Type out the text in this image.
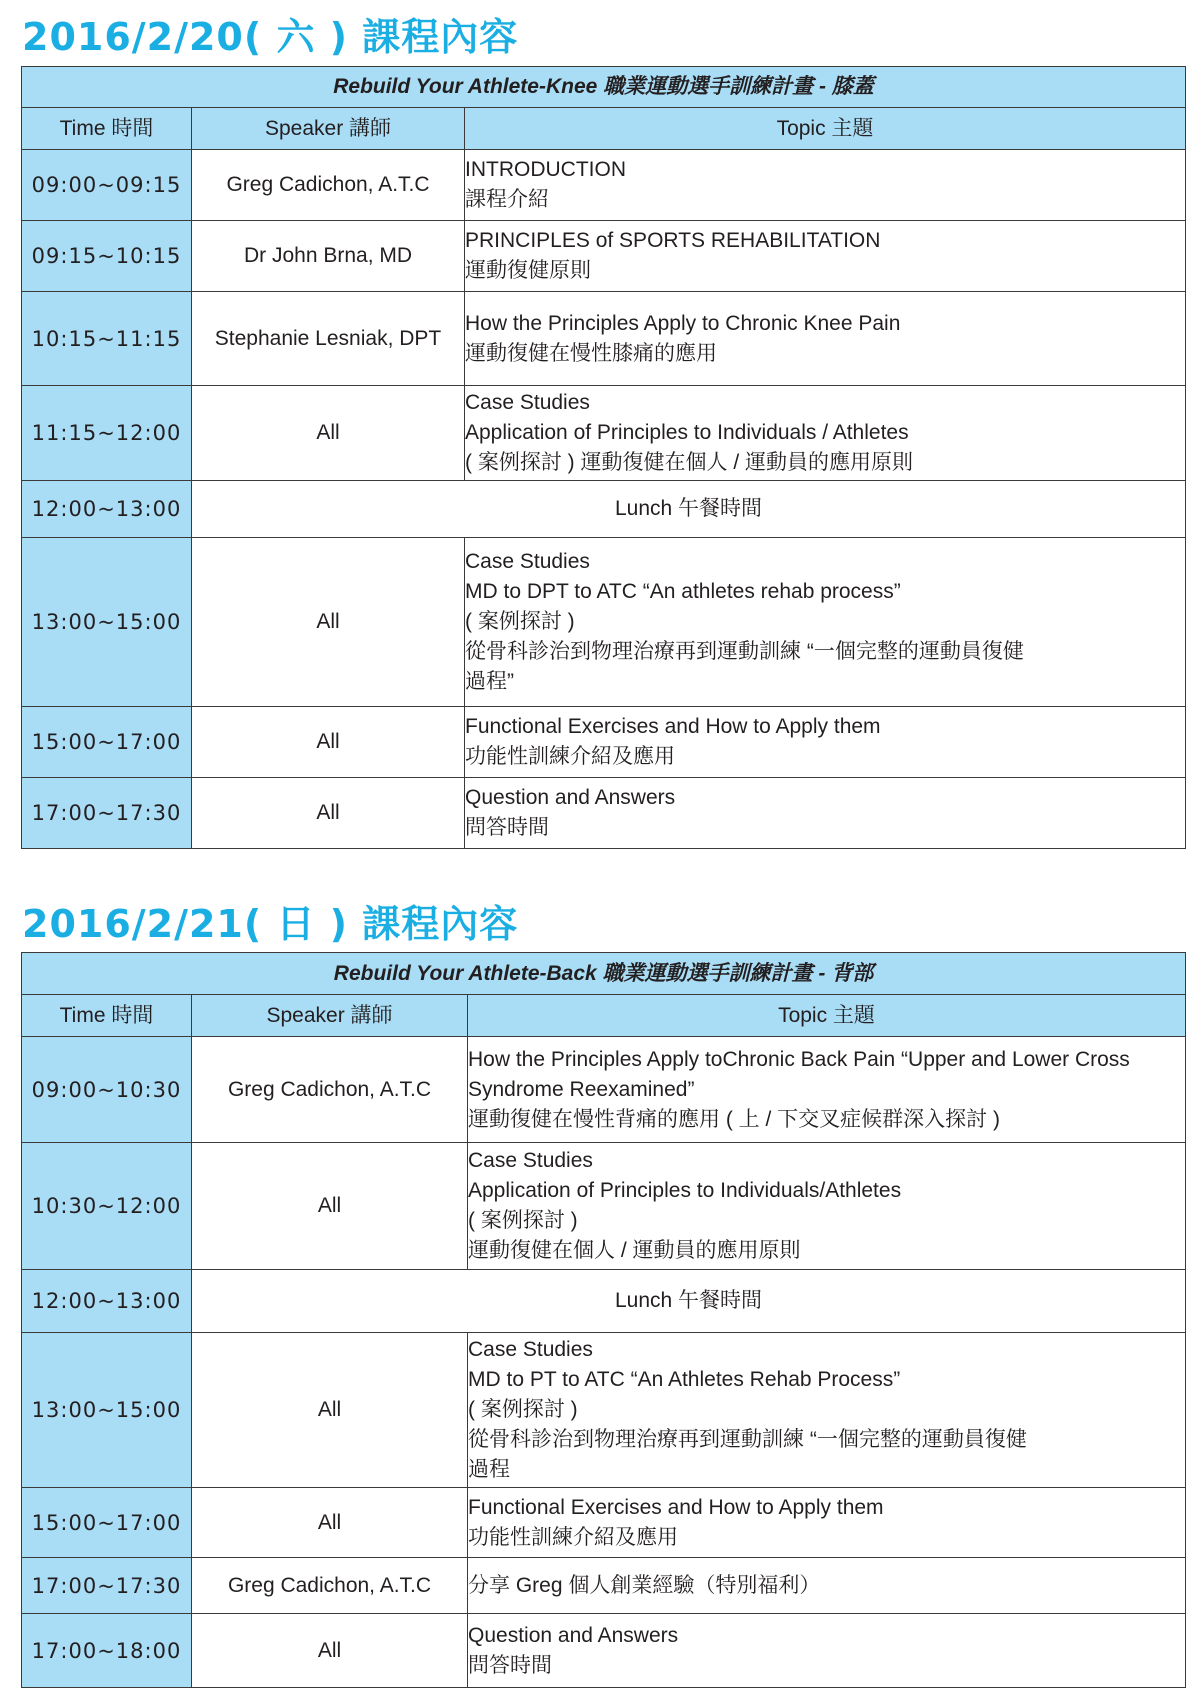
2016/2/20( 六 ) 課程內容
Rebuild Your Athlete-Knee 職業運動選手訓練計畫 - 膝蓋		
Time 時間	Speaker 講師	Topic 主題
09:00~09:15	Greg Cadichon, A.T.C	INTRODUCTION
課程介紹

09:15~10:15	Dr John Brna, MD	PRINCIPLES of SPORTS REHABILITATION
運動復健原則

10:15~11:15	Stephanie Lesniak, DPT	How the Principles Apply to Chronic Knee Pain
運動復健在慢性膝痛的應用

11:15~12:00	All	Case Studies
Application of Principles to Individuals / Athletes
( 案例探討 ) 運動復健在個人 / 運動員的應用原則

12:00~13:00	Lunch 午餐時間	
13:00~15:00	All	Case Studies
MD to DPT to ATC “An athletes rehab process”
( 案例探討 )
從骨科診治到物理治療再到運動訓練 “一個完整的運動員復健
過程”

15:00~17:00	All	Functional Exercises and How to Apply them
功能性訓練介紹及應用

17:00~17:30	All	Question and Answers
問答時間
2016/2/21( 日 ) 課程內容
Rebuild Your Athlete-Back 職業運動選手訓練計畫 - 背部		
Time 時間	Speaker 講師	Topic 主題
09:00~10:30	Greg Cadichon, A.T.C	How the Principles Apply toChronic Back Pain “Upper and Lower Cross
Syndrome Reexamined”
運動復健在慢性背痛的應用 ( 上 / 下交叉症候群深入探討 )

10:30~12:00	All	Case Studies
Application of Principles to Individuals/Athletes
( 案例探討 )
運動復健在個人 / 運動員的應用原則

12:00~13:00	Lunch 午餐時間	
13:00~15:00	All	Case Studies
MD to PT to ATC “An Athletes Rehab Process”
( 案例探討 )
從骨科診治到物理治療再到運動訓練 “一個完整的運動員復健
過程

15:00~17:00	All	Functional Exercises and How to Apply them
功能性訓練介紹及應用

17:00~17:30	Greg Cadichon, A.T.C	分享 Greg 個人創業經驗（特別福利）

17:00~18:00	All	Question and Answers
問答時間
